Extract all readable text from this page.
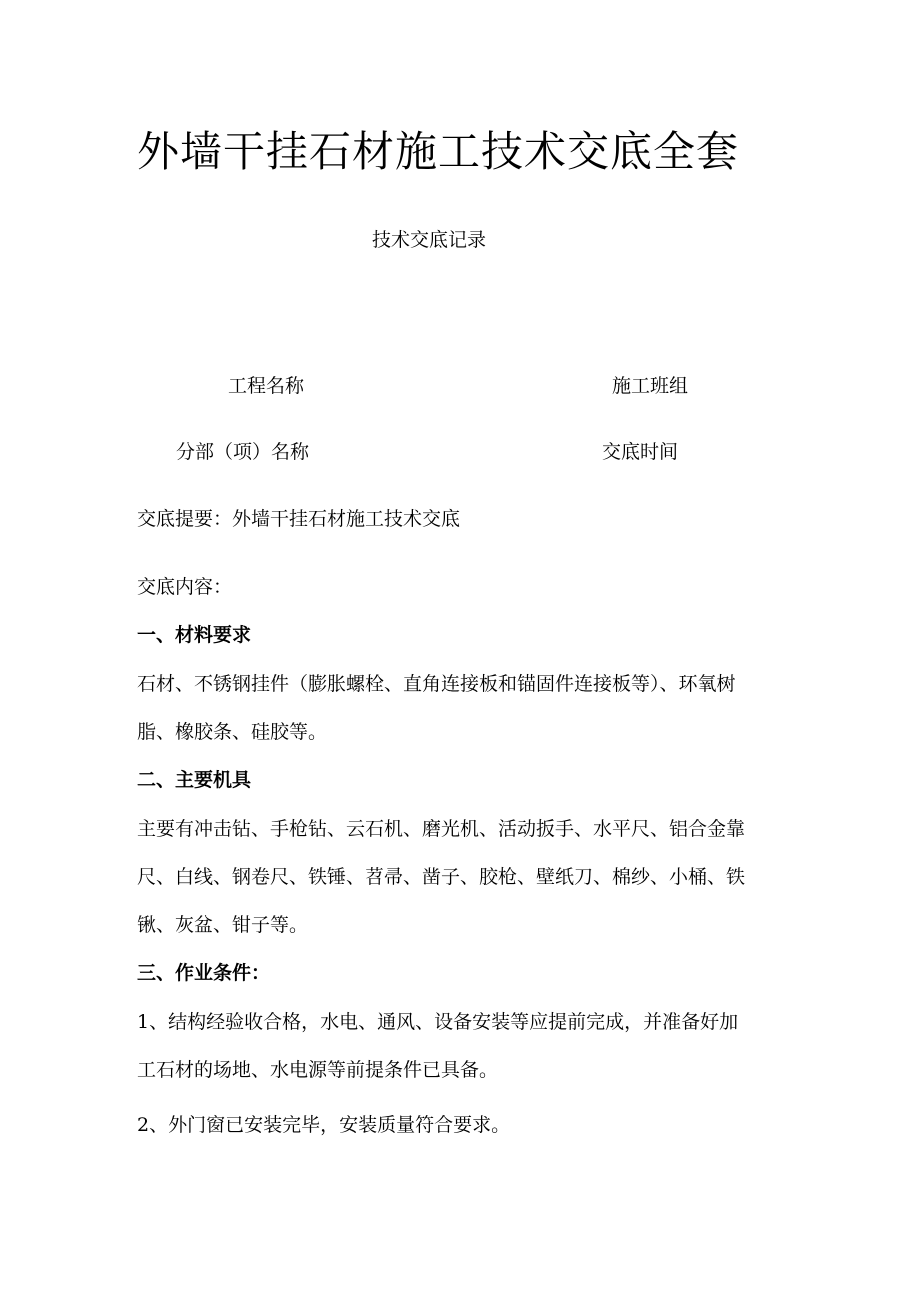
外墙干挂石材施工技术交底全套
技术交底记录
工程名称	施工班组
分部（项）名称	交底时间
交底提要：外墙干挂石材施工技术交底
交底内容：
一、材料要求
石材、不锈钢挂件（膨胀螺栓、直角连接板和锚固件连接板等）、环氧树
脂、橡胶条、硅胶等。
二、主要机具
主要有冲击钻、手枪钻、云石机、磨光机、活动扳手、水平尺、铝合金靠
尺、白线、钢卷尺、铁锤、苕帚、凿子、胶枪、壁纸刀、棉纱、小桶、铁
锹、灰盆、钳子等。
三、作业条件：
1、结构经验收合格，水电、通风、设备安装等应提前完成，并准备好加
工石材的场地、水电源等前提条件已具备。
2、外门窗已安装完毕，安装质量符合要求。
